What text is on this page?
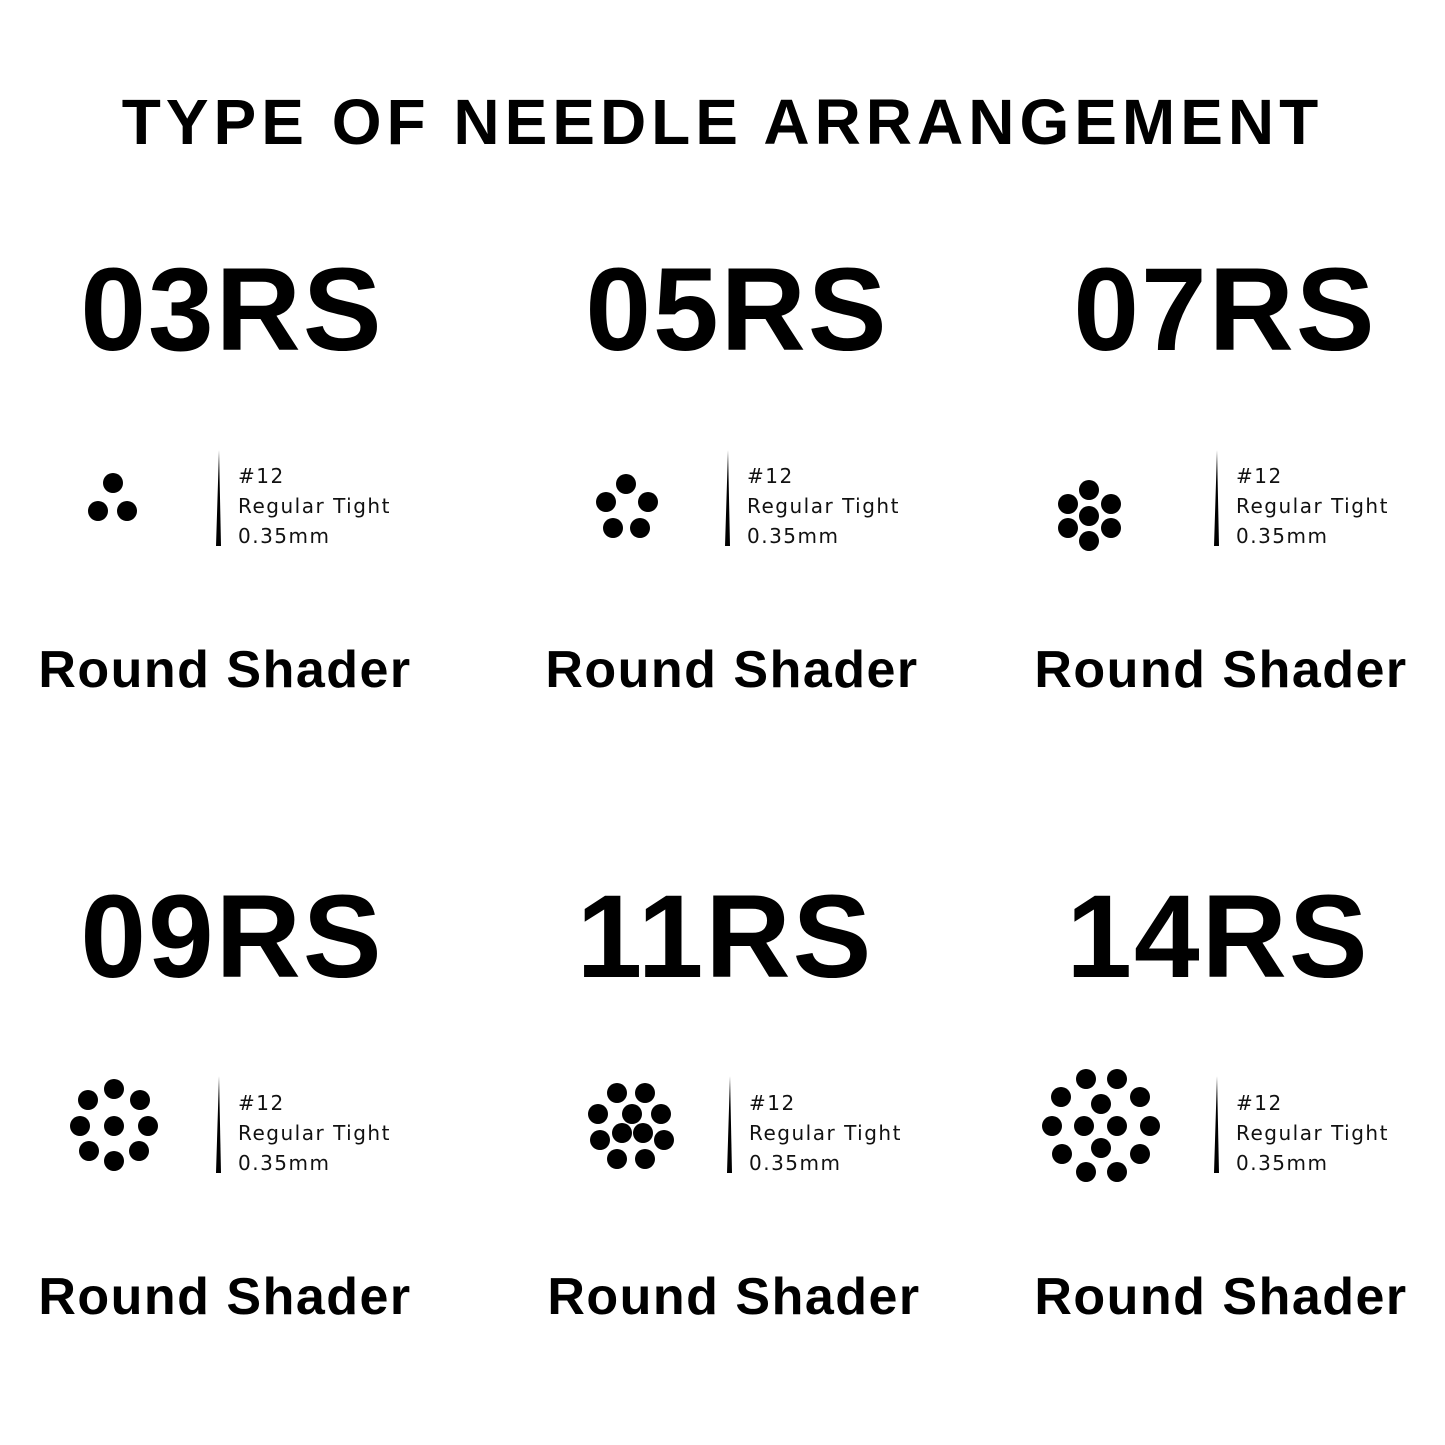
TYPE OF NEEDLE ARRANGEMENT
03RS	05RS	07RS
09RS	11RS	14RS
#12
Regular Tight
0.35mm
#12
Regular Tight
0.35mm
#12
Regular Tight
0.35mm
#12
Regular Tight
0.35mm
#12
Regular Tight
0.35mm
#12
Regular Tight
0.35mm
Round Shader	Round Shader	Round Shader
Round Shader	Round Shader	Round Shader
